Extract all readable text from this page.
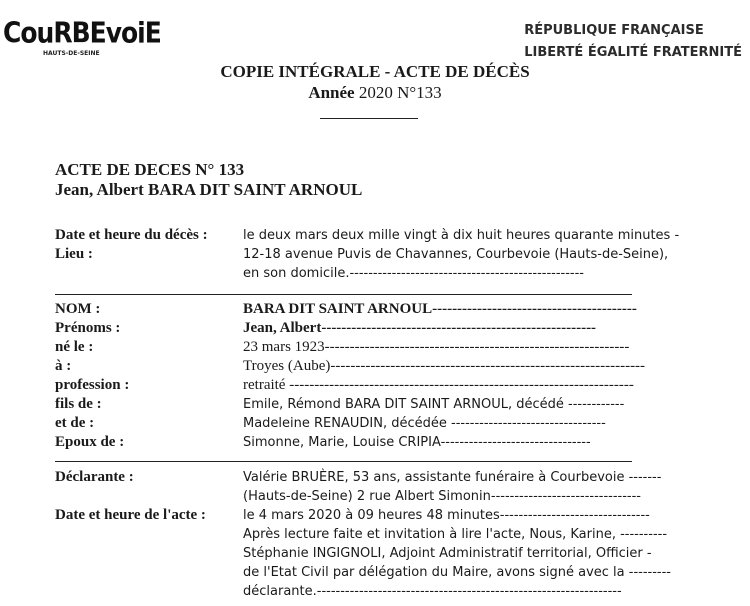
CouRBEvoiE
HAUTS-DE-SEINE
RÉPUBLIQUE FRANÇAISE
LIBERTÉ ÉGALITÉ FRATERNITÉ
COPIE INTÉGRALE - ACTE DE DÉCÈS
Année 2020 N°133
ACTE DE DECES N° 133
Jean, Albert BARA DIT SAINT ARNOUL
Date et heure du décès :	le deux mars deux mille vingt à dix huit heures quarante minutes -
Lieu :	12-18 avenue Puvis de Chavannes, Courbevoie (Hauts-de-Seine),
en son domicile.--------------------------------------------------
NOM :	BARA DIT SAINT ARNOUL-----------------------------------------
Prénoms :	Jean, Albert-------------------------------------------------------
né le :	23 mars 1923-------------------------------------------------------------
à :	Troyes (Aube)---------------------------------------------------------------
profession :	retraité ---------------------------------------------------------------------
fils de :	Emile, Rémond BARA DIT SAINT ARNOUL, décédé ------------
et de :	Madeleine RENAUDIN, décédée ---------------------------------
Epoux de :	Simonne, Marie, Louise CRIPIA--------------------------------
Déclarante :	Valérie BRUÈRE, 53 ans, assistante funéraire à Courbevoie -------
(Hauts-de-Seine) 2 rue Albert Simonin--------------------------------
Date et heure de l'acte :	le 4 mars 2020 à 09 heures 48 minutes--------------------------------
Après lecture faite et invitation à lire l'acte, Nous, Karine, ----------
Stéphanie INGIGNOLI, Adjoint Administratif territorial, Officier -
de l'Etat Civil par délégation du Maire, avons signé avec la ---------
déclarante.-----------------------------------------------------------------
